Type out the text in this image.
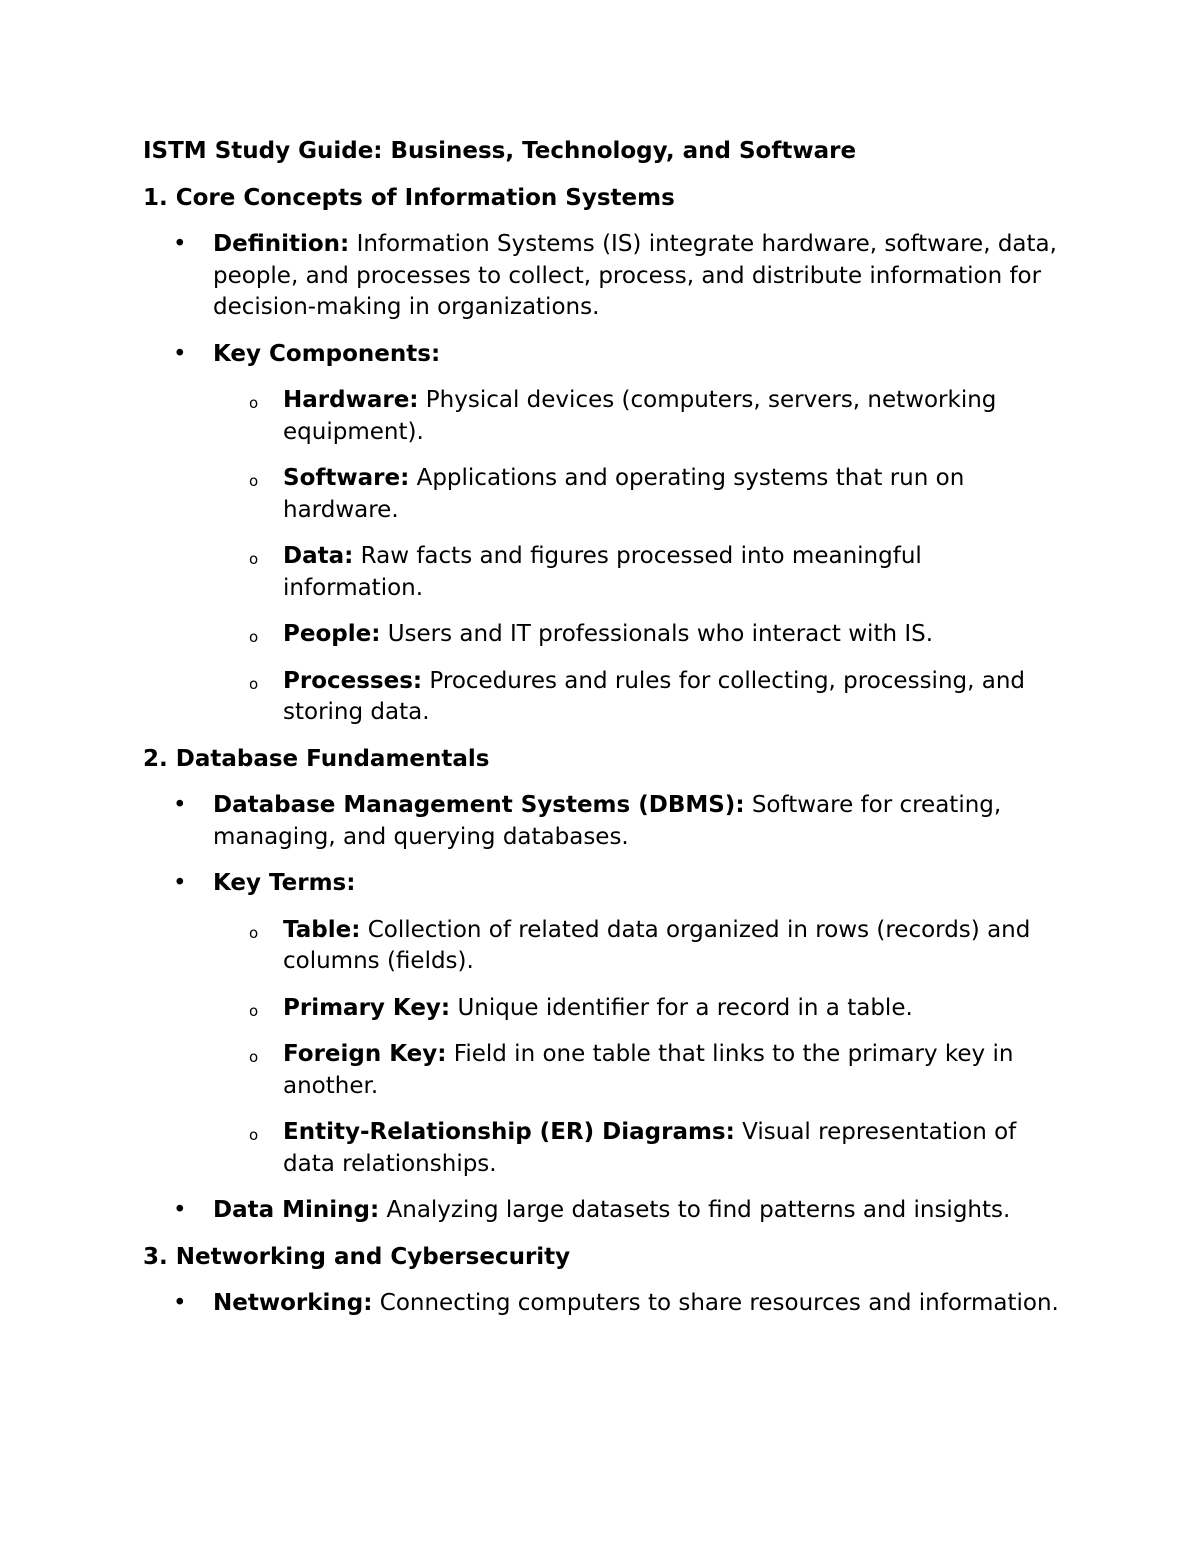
ISTM Study Guide: Business, Technology, and Software
1. Core Concepts of Information Systems
• Definition: Information Systems (IS) integrate hardware, software, data, people, and processes to collect, process, and distribute information for decision-making in organizations.
• Key Components:
o Hardware: Physical devices (computers, servers, networking equipment).
o Software: Applications and operating systems that run on hardware.
o Data: Raw facts and figures processed into meaningful information.
o People: Users and IT professionals who interact with IS.
o Processes: Procedures and rules for collecting, processing, and storing data.
2. Database Fundamentals
• Database Management Systems (DBMS): Software for creating, managing, and querying databases.
• Key Terms:
o Table: Collection of related data organized in rows (records) and columns (fields).
o Primary Key: Unique identifier for a record in a table.
o Foreign Key: Field in one table that links to the primary key in another.
o Entity-Relationship (ER) Diagrams: Visual representation of data relationships.
• Data Mining: Analyzing large datasets to find patterns and insights.
3. Networking and Cybersecurity
• Networking: Connecting computers to share resources and information.
